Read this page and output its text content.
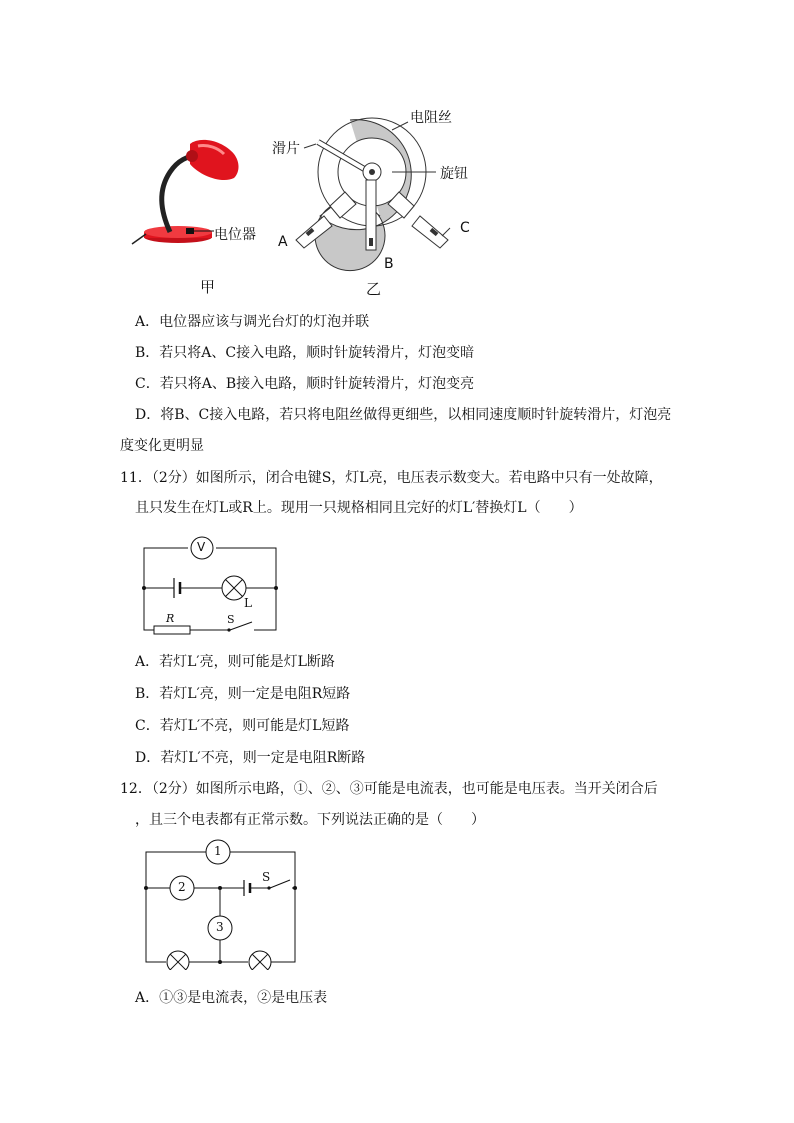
电位器
甲	乙
电阻丝
滑片
旋钮
A
B
C
A．电位器应该与调光台灯的灯泡并联
B．若只将A、C接入电路，顺时针旋转滑片，灯泡变暗
C．若只将A、B接入电路，顺时针旋转滑片，灯泡变亮
D．将B、C接入电路，若只将电阻丝做得更细些，以相同速度顺时针旋转滑片，灯泡亮
度变化更明显
11．（2分）如图所示，闭合电键S，灯L亮，电压表示数变大。若电路中只有一处故障，
且只发生在灯L或R上。现用一只规格相同且完好的灯L′替换灯L（　　）
V
L
R	S
A．若灯L′亮，则可能是灯L断路
B．若灯L′亮，则一定是电阻R短路
C．若灯L′不亮，则可能是灯L短路
D．若灯L′不亮，则一定是电阻R断路
12．（2分）如图所示电路，①、②、③可能是电流表，也可能是电压表。当开关闭合后
，且三个电表都有正常示数。下列说法正确的是（　　）
1
2
3
S
A．①③是电流表，②是电压表
